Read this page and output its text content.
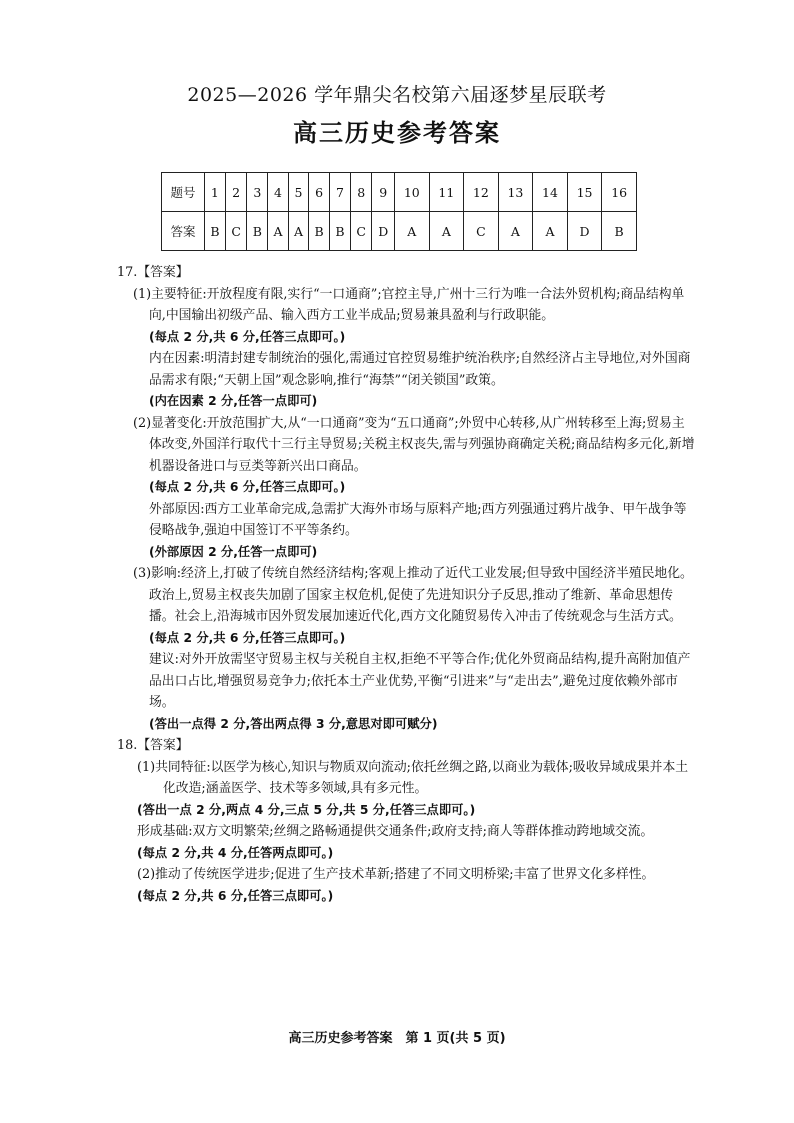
2025—2026 学年鼎尖名校第六届逐梦星辰联考
高三历史参考答案
题号	1	2	3	4	5	6	7	8	9	10	11	12	13	14	15	16
答案	B	C	B	A	A	B	B	C	D	A	A	C	A	A	D	B

17.【答案】

(1)主要特征:开放程度有限,实行“一口通商”;官控主导,广州十三行为唯一合法外贸机构;商品结构单向,中国输出初级产品、输入西方工业半成品;贸易兼具盈利与行政职能。

(每点 2 分,共 6 分,任答三点即可。)

内在因素:明清封建专制统治的强化,需通过官控贸易维护统治秩序;自然经济占主导地位,对外国商品需求有限;“天朝上国”观念影响,推行“海禁”“闭关锁国”政策。

(内在因素 2 分,任答一点即可)

(2)显著变化:开放范围扩大,从“一口通商”变为“五口通商”;外贸中心转移,从广州转移至上海;贸易主体改变,外国洋行取代十三行主导贸易;关税主权丧失,需与列强协商确定关税;商品结构多元化,新增机器设备进口与豆类等新兴出口商品。

(每点 2 分,共 6 分,任答三点即可。)

外部原因:西方工业革命完成,急需扩大海外市场与原料产地;西方列强通过鸦片战争、甲午战争等侵略战争,强迫中国签订不平等条约。

(外部原因 2 分,任答一点即可)

(3)影响:经济上,打破了传统自然经济结构;客观上推动了近代工业发展;但导致中国经济半殖民地化。政治上,贸易主权丧失加剧了国家主权危机,促使了先进知识分子反思,推动了维新、革命思想传播。社会上,沿海城市因外贸发展加速近代化,西方文化随贸易传入冲击了传统观念与生活方式。

(每点 2 分,共 6 分,任答三点即可。)

建议:对外开放需坚守贸易主权与关税自主权,拒绝不平等合作;优化外贸商品结构,提升高附加值产品出口占比,增强贸易竞争力;依托本土产业优势,平衡“引进来”与“走出去”,避免过度依赖外部市场。

(答出一点得 2 分,答出两点得 3 分,意思对即可赋分)

18.【答案】

(1)共同特征:以医学为核心,知识与物质双向流动;依托丝绸之路,以商业为载体;吸收异域成果并本土化改造;涵盖医学、技术等多领域,具有多元性。

(答出一点 2 分,两点 4 分,三点 5 分,共 5 分,任答三点即可。)

形成基础:双方文明繁荣;丝绸之路畅通提供交通条件;政府支持;商人等群体推动跨地域交流。

(每点 2 分,共 4 分,任答两点即可。)

(2)推动了传统医学进步;促进了生产技术革新;搭建了不同文明桥梁;丰富了世界文化多样性。

(每点 2 分,共 6 分,任答三点即可。)

高三历史参考答案　第 1 页(共 5 页)
